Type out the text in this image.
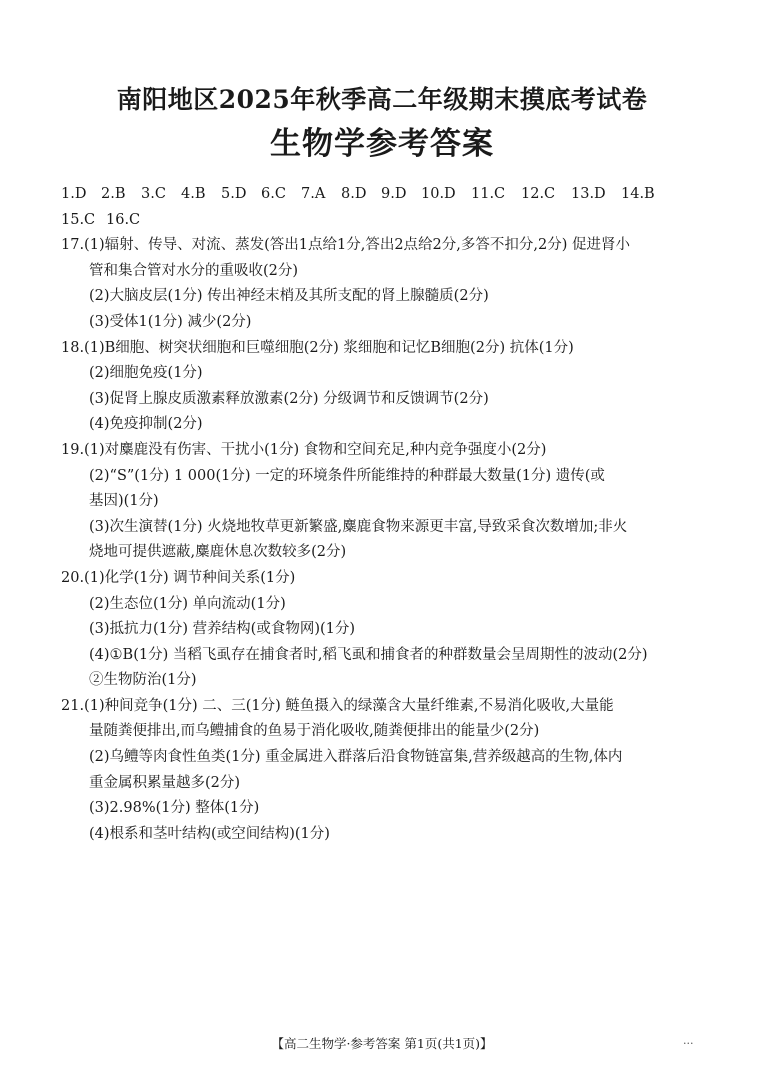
南阳地区2025年秋季高二年级期末摸底考试卷
生物学参考答案
1.D	2.B	3.C	4.B	5.D	6.C	7.A	8.D	9.D	10.D	11.C	12.C	13.D	14.B
15.C 16.C
17.(1)辐射、传导、对流、蒸发(答出1点给1分,答出2点给2分,多答不扣分,2分) 促进肾小
管和集合管对水分的重吸收(2分)
(2)大脑皮层(1分) 传出神经末梢及其所支配的肾上腺髓质(2分)
(3)受体1(1分) 减少(2分)
18.(1)B细胞、树突状细胞和巨噬细胞(2分) 浆细胞和记忆B细胞(2分) 抗体(1分)
(2)细胞免疫(1分)
(3)促肾上腺皮质激素释放激素(2分) 分级调节和反馈调节(2分)
(4)免疫抑制(2分)
19.(1)对麋鹿没有伤害、干扰小(1分) 食物和空间充足,种内竞争强度小(2分)
(2)“S”(1分) 1 000(1分) 一定的环境条件所能维持的种群最大数量(1分) 遗传(或
基因)(1分)
(3)次生演替(1分) 火烧地牧草更新繁盛,麋鹿食物来源更丰富,导致采食次数增加;非火
烧地可提供遮蔽,麋鹿休息次数较多(2分)
20.(1)化学(1分) 调节种间关系(1分)
(2)生态位(1分) 单向流动(1分)
(3)抵抗力(1分) 营养结构(或食物网)(1分)
(4)①B(1分) 当稻飞虱存在捕食者时,稻飞虱和捕食者的种群数量会呈周期性的波动(2分)
②生物防治(1分)
21.(1)种间竞争(1分) 二、三(1分) 鲢鱼摄入的绿藻含大量纤维素,不易消化吸收,大量能
量随粪便排出,而乌鳢捕食的鱼易于消化吸收,随粪便排出的能量少(2分)
(2)乌鳢等肉食性鱼类(1分) 重金属进入群落后沿食物链富集,营养级越高的生物,体内
重金属积累量越多(2分)
(3)2.98%(1分) 整体(1分)
(4)根系和茎叶结构(或空间结构)(1分)
【高二生物学·参考答案 第1页(共1页)】	...
